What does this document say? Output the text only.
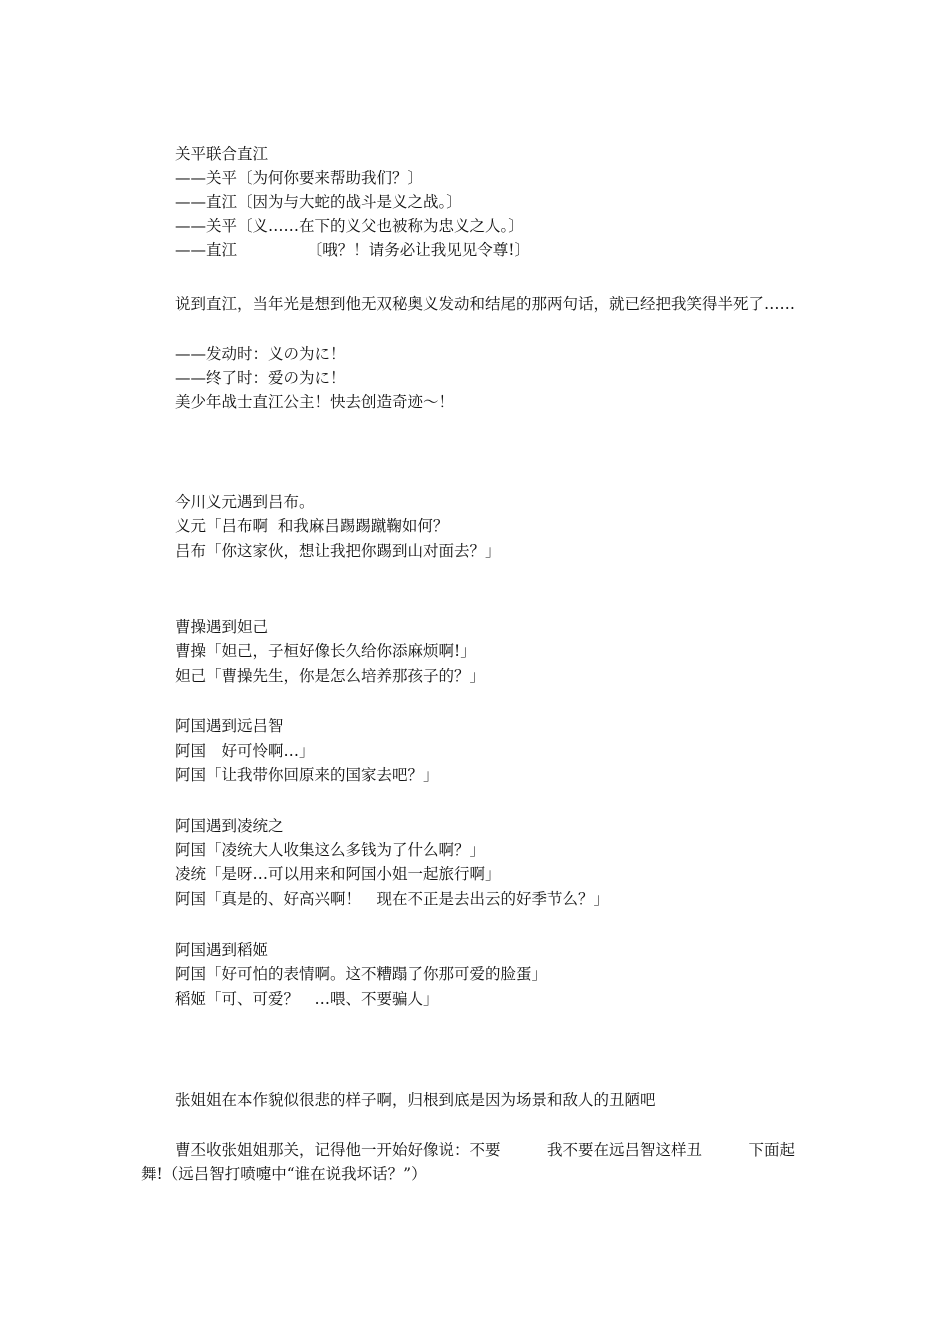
关平联合直江
——关平〔为何你要来帮助我们？〕
——直江〔因为与大蛇的战斗是义之战。〕
——关平〔义……在下的义父也被称为忠义之人。〕
——直江　　　　　〔哦？！请务必让我见见令尊!〕
说到直江，当年光是想到他无双秘奥义发动和结尾的那两句话，就已经把我笑得半死了……
——发动时：义の为に！
——终了时：爱の为に！
美少年战士直江公主！快去创造奇迹～！
今川义元遇到吕布。
义元「吕布啊  和我麻吕踢踢蹴鞠如何？
吕布「你这家伙，想让我把你踢到山对面去？」
曹操遇到妲己
曹操「妲己，子桓好像长久给你添麻烦啊!」
妲己「曹操先生，你是怎么培养那孩子的？」
阿国遇到远吕智
阿国　好可怜啊…」
阿国「让我带你回原来的国家去吧？」
阿国遇到凌统之
阿国「凌统大人收集这么多钱为了什么啊？」
凌统「是呀…可以用来和阿国小姐一起旅行啊」
阿国「真是的、好高兴啊！　现在不正是去出云的好季节么？」
阿国遇到稻姬
阿国「好可怕的表情啊。这不糟蹋了你那可爱的脸蛋」
稻姬「可、可爱？　…喂、不要骗人」
张姐姐在本作貌似很悲的样子啊，归根到底是因为场景和敌人的丑陋吧
曹丕收张姐姐那关，记得他一开始好像说：不要　　　我不要在远吕智这样丑　　　下面起舞!（远吕智打喷嚏中“谁在说我坏话？”）
